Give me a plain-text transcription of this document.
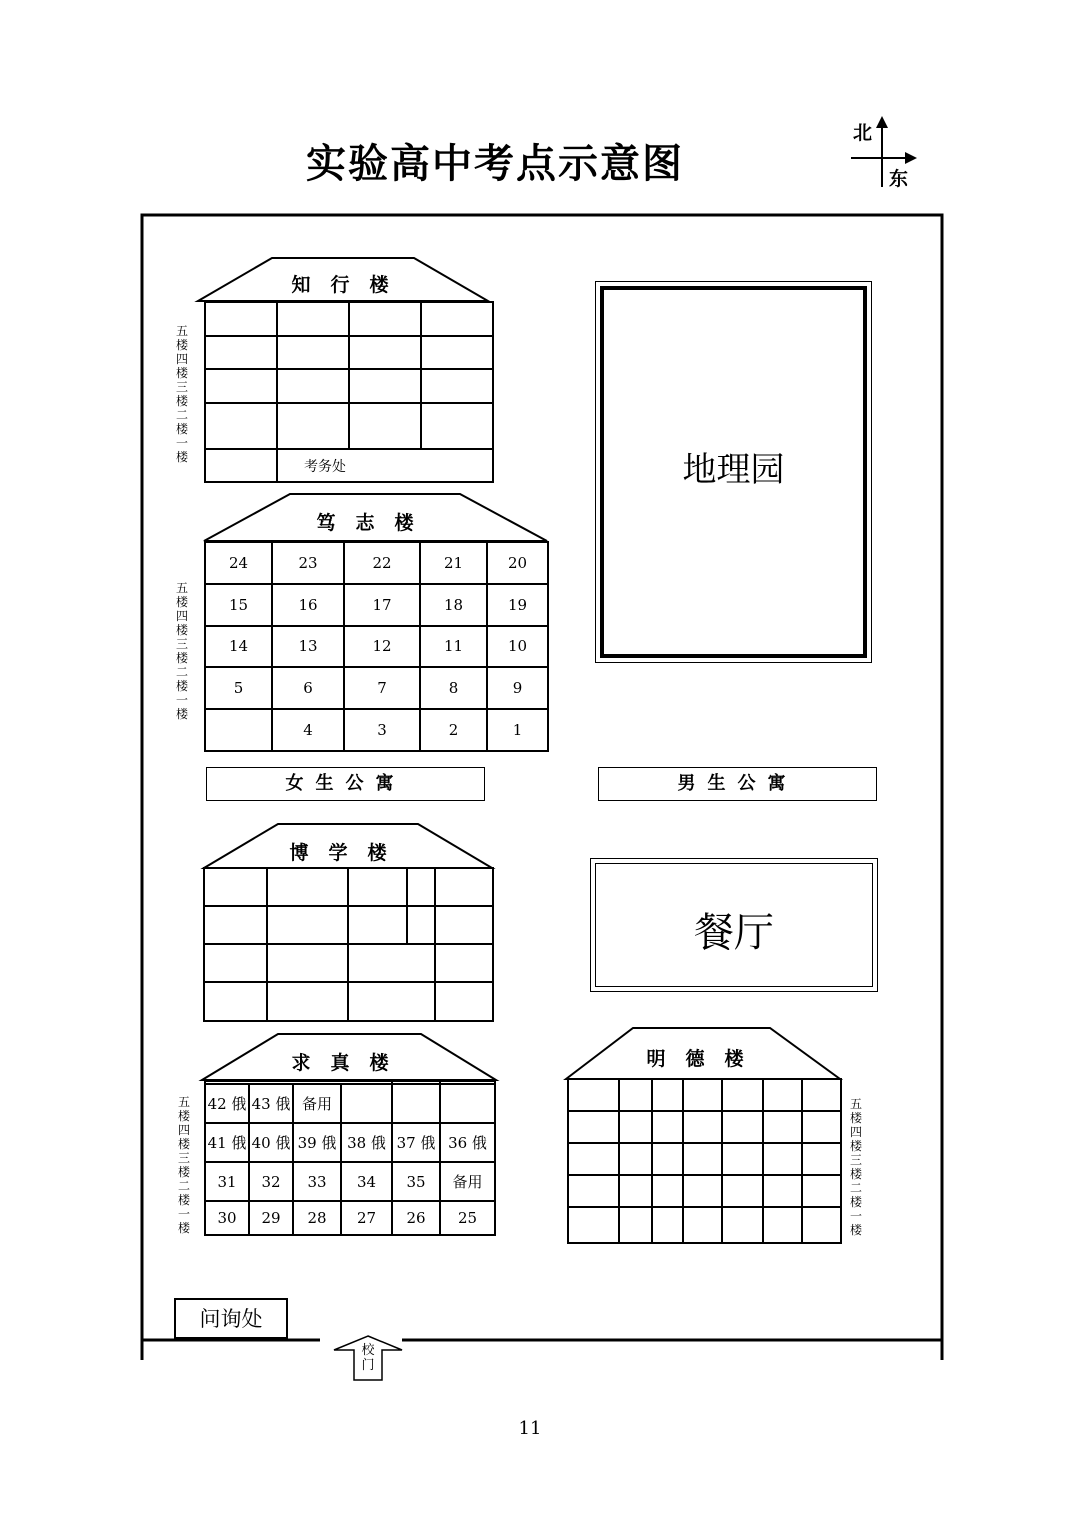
实验高中考点示意图
北
东
知行楼

	考务处		
五楼
四楼
三楼
二楼
一楼
笃志楼
24	23	22	21	20
15	16	17	18	19
14	13	12	11	10
5	6	7	8	9
	4	3	2	1
五楼
四楼
三楼
二楼
一楼
地理园
女生公寓	男生公寓
博学楼
餐厅
求真楼

42 俄	43 俄	备用			
41 俄	40 俄	39 俄	38 俄	37 俄	36 俄
31	32	33	34	35	备用
30	29	28	27	26	25
五楼
四楼
三楼
二楼
一楼
明德楼
五楼
四楼
三楼
二楼
一楼
问询处
校门
11
